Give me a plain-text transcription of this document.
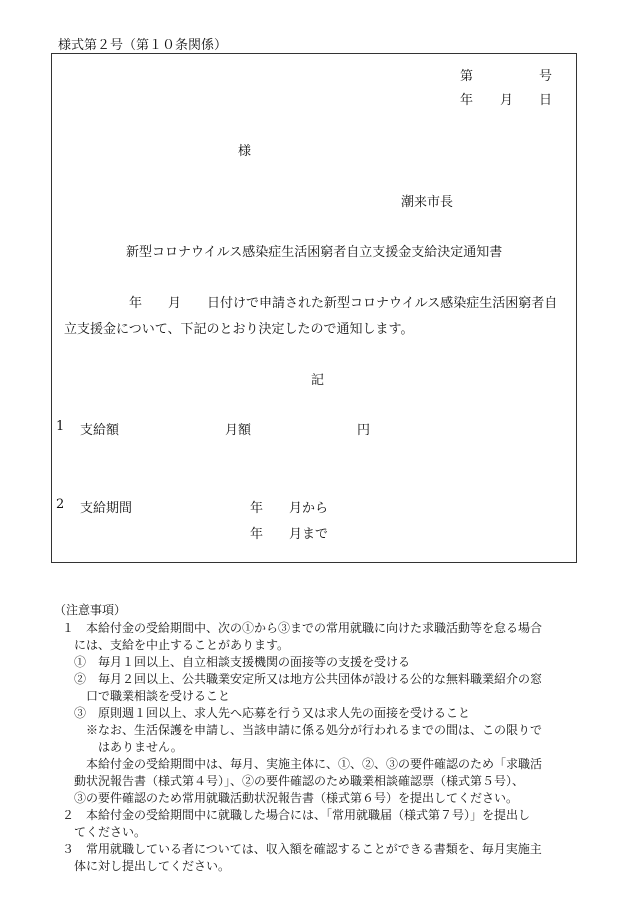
様式第２号（第１０条関係）
第	号
年 月 日
様
潮来市長
新型コロナウイルス感染症生活困窮者自立支援金支給決定通知書
年 月 日付けで申請された新型コロナウイルス感染症生活困窮者自
立支援金について、下記のとおり決定したので通知します。
記
1 支給額	月額	円
2 支給期間	年 月から
年 月まで
（注意事項）
１　本給付金の受給期間中、次の①から③までの常用就職に向けた求職活動等を怠る場合
には、支給を中止することがあります。
①　毎月１回以上、自立相談支援機関の面接等の支援を受ける
②　毎月２回以上、公共職業安定所又は地方公共団体が設ける公的な無料職業紹介の窓
口で職業相談を受けること
③　原則週１回以上、求人先へ応募を行う又は求人先の面接を受けること
※なお、生活保護を申請し、当該申請に係る処分が行われるまでの間は、この限りで
はありません。
本給付金の受給期間中は、毎月、実施主体に、①、②、③の要件確認のため「求職活
動状況報告書（様式第４号）」、②の要件確認のため職業相談確認票（様式第５号）、
③の要件確認のため常用就職活動状況報告書（様式第６号）を提出してください。
２　本給付金の受給期間中に就職した場合には、「常用就職届（様式第７号）」を提出し
てください。
３　常用就職している者については、収入額を確認することができる書類を、毎月実施主
体に対し提出してください。
